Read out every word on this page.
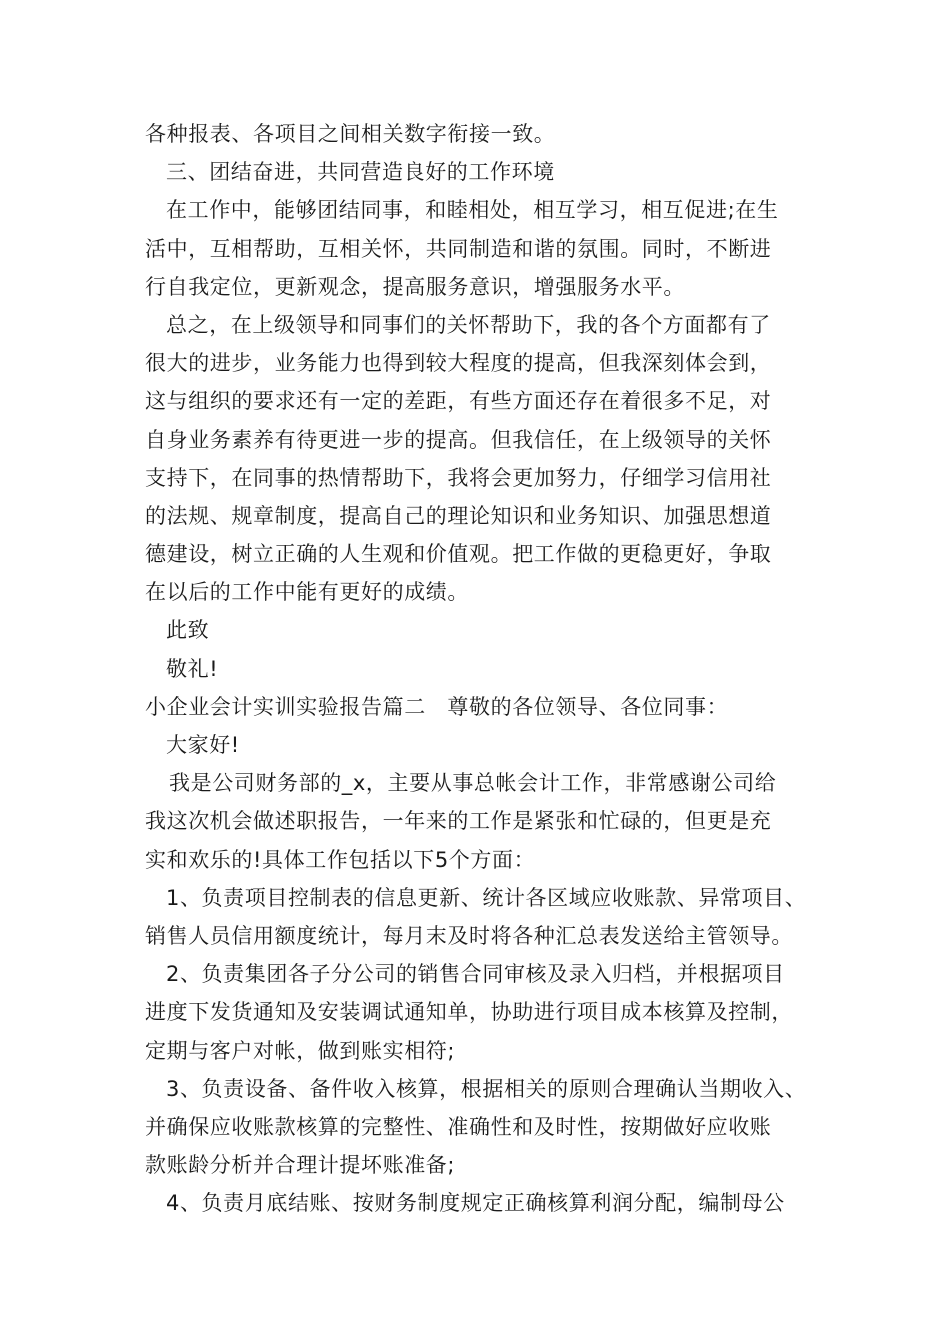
各种报表、各项目之间相关数字衔接一致。
三、团结奋进，共同营造良好的工作环境
在工作中，能够团结同事，和睦相处，相互学习，相互促进;在生
活中，互相帮助，互相关怀，共同制造和谐的氛围。同时，不断进
行自我定位，更新观念，提高服务意识，增强服务水平。
总之，在上级领导和同事们的关怀帮助下，我的各个方面都有了
很大的进步，业务能力也得到较大程度的提高，但我深刻体会到，
这与组织的要求还有一定的差距，有些方面还存在着很多不足，对
自身业务素养有待更进一步的提高。但我信任，在上级领导的关怀
支持下，在同事的热情帮助下，我将会更加努力，仔细学习信用社
的法规、规章制度，提高自己的理论知识和业务知识、加强思想道
德建设，树立正确的人生观和价值观。把工作做的更稳更好，争取
在以后的工作中能有更好的成绩。
此致
敬礼!
小企业会计实训实验报告篇二　尊敬的各位领导、各位同事：
大家好!
我是公司财务部的_x，主要从事总帐会计工作，非常感谢公司给
我这次机会做述职报告，一年来的工作是紧张和忙碌的，但更是充
实和欢乐的!具体工作包括以下5个方面：
1、负责项目控制表的信息更新、统计各区域应收账款、异常项目、
销售人员信用额度统计，每月末及时将各种汇总表发送给主管领导。
2、负责集团各子分公司的销售合同审核及录入归档，并根据项目
进度下发货通知及安装调试通知单，协助进行项目成本核算及控制，
定期与客户对帐，做到账实相符;
3、负责设备、备件收入核算，根据相关的原则合理确认当期收入、
并确保应收账款核算的完整性、准确性和及时性，按期做好应收账
款账龄分析并合理计提坏账准备;
4、负责月底结账、按财务制度规定正确核算利润分配，编制母公
